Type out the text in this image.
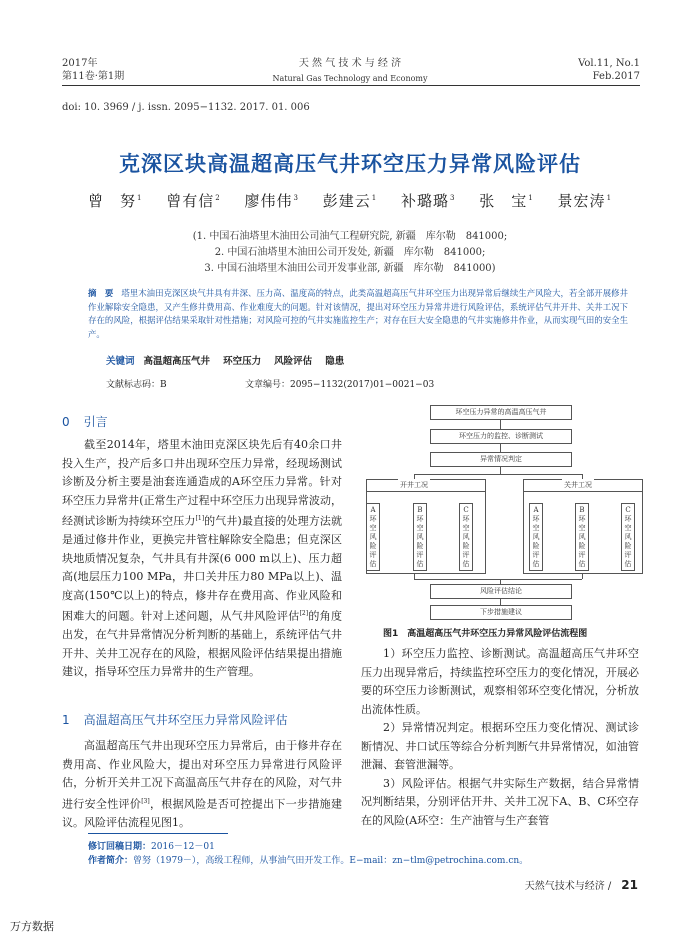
2017年
第11卷·第1期
天 然 气 技 术 与 经 济
Natural Gas Technology and Economy
Vol.11, No.1
Feb.2017
doi: 10. 3969 / j. issn. 2095−1132. 2017. 01. 006
克深区块高温超高压气井环空压力异常风险评估
曾　努$^1$ 曾有信$^2$ 廖伟伟$^3$ 彭建云$^1$ 补璐璐$^3$ 张　宝$^1$ 景宏涛$^1$
(1. 中国石油塔里木油田公司油气工程研究院, 新疆　库尔勒　841000;
2. 中国石油塔里木油田公司开发处, 新疆　库尔勒　841000;
3. 中国石油塔里木油田公司开发事业部, 新疆　库尔勒　841000)
摘　要 塔里木油田克深区块气井具有井深、压力高、温度高的特点，此类高温超高压气井环空压力出现异常后继续生产风险大，若全部开展修井作业解除安全隐患，又产生修井费用高、作业难度大的问题。针对该情况，提出对环空压力异常井进行风险评估，系统评估气井开井、关井工况下存在的风险，根据评估结果采取针对性措施；对风险可控的气井实施监控生产；对存在巨大安全隐患的气井实施修井作业，从而实现气田的安全生产。
关键词 高温超高压气井 环空压力 风险评估 隐患
文献标志码：B	文章编号：2095−1132(2017)01−0021−03
0 引言

截至2014年，塔里木油田克深区块先后有40余口井投入生产，投产后多口井出现环空压力异常，经现场测试诊断及分析主要是油套连通造成的A环空压力异常。针对环空压力异常井(正常生产过程中环空压力出现异常波动，经测试诊断为持续环空压力[1]的气井)最直接的处理方法就是通过修井作业，更换完井管柱解除安全隐患；但克深区块地质情况复杂，气井具有井深(6 000 m以上)、压力超高(地层压力100 MPa，井口关井压力80 MPa以上)、温度高(150℃以上)的特点，修井存在费用高、作业风险和困难大的问题。针对上述问题，从气井风险评估[2]的角度出发，在气井异常情况分析判断的基础上，系统评估气井开井、关井工况存在的风险，根据风险评估结果提出措施建议，指导环空压力异常井的生产管理。

1 高温超高压气井环空压力异常风险评估

高温超高压气井出现环空压力异常后，由于修井存在费用高、作业风险大，提出对环空压力异常进行风险评估，分析开关井工况下高温高压气井存在的风险，对气井进行安全性评价[3]，根据风险是否可控提出下一步措施建议。风险评估流程见图1。

环空压力异常的高温高压气井
环空压力的监控、诊断测试
异常情况判定
开井工况	关井工况
A环空风险评估
B环空风险评估
C环空风险评估
A环空风险评估
B环空风险评估
C环空风险评估
风险评估结论
下步措施建议
图1　高温超高压气井环空压力异常风险评估流程图

1）环空压力监控、诊断测试。高温超高压气井环空压力出现异常后，持续监控环空压力的变化情况，开展必要的环空压力诊断测试，观察相邻环空变化情况，分析放出流体性质。

2）异常情况判定。根据环空压力变化情况、测试诊断情况、井口试压等综合分析判断气井异常情况，如油管泄漏、套管泄漏等。

3）风险评估。根据气井实际生产数据，结合异常情况判断结果，分别评估开井、关井工况下A、B、C环空存在的风险(A环空：生产油管与生产套管

修订回稿日期：2016－12－01
作者简介：曾努（1979－），高级工程师，从事油气田开发工作。E−mail：zn−tlm@petrochina.com.cn。
天然气技术与经济 / 21
万方数据
